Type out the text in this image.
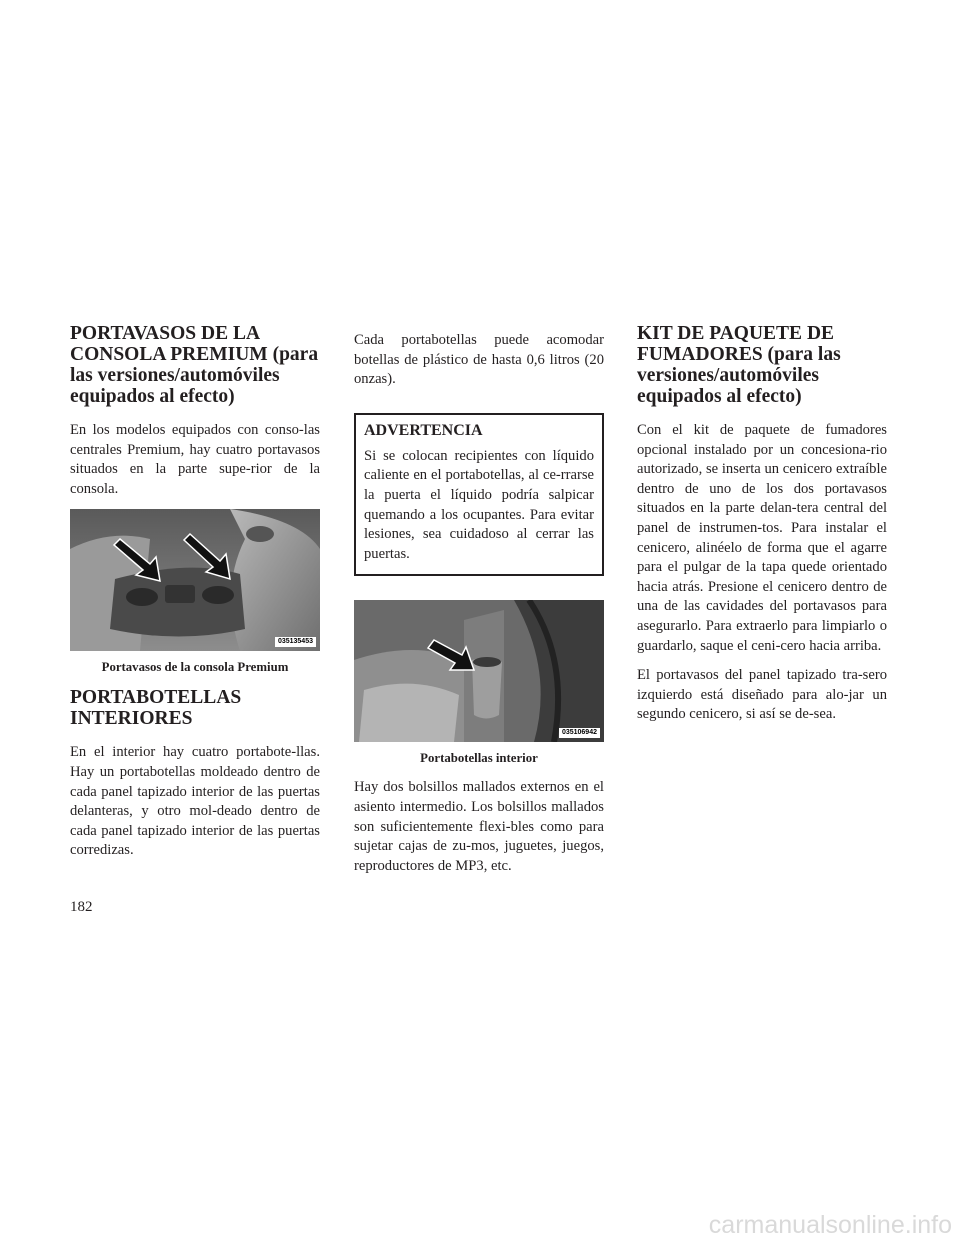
PORTAVASOS DE LA CONSOLA PREMIUM (para las versiones/automóviles equipados al efecto)

En los modelos equipados con conso-las centrales Premium, hay cuatro portavasos situados en la parte supe-rior de la consola.

035135453
Portavasos de la consola Premium
PORTABOTELLAS INTERIORES

En el interior hay cuatro portabote-llas. Hay un portabotellas moldeado dentro de cada panel tapizado interior de las puertas delanteras, y otro mol-deado dentro de cada panel tapizado interior de las puertas corredizas.

Cada portabotellas puede acomodar botellas de plástico de hasta 0,6 litros (20 onzas).

ADVERTENCIA

Si se colocan recipientes con líquido caliente en el portabotellas, al ce-rrarse la puerta el líquido podría salpicar quemando a los ocupantes. Para evitar lesiones, sea cuidadoso al cerrar las puertas.

035106942
Portabotellas interior

Hay dos bolsillos mallados externos en el asiento intermedio. Los bolsillos mallados son suficientemente flexi-bles como para sujetar cajas de zu-mos, juguetes, juegos, reproductores de MP3, etc.

KIT DE PAQUETE DE FUMADORES (para las versiones/automóviles equipados al efecto)

Con el kit de paquete de fumadores opcional instalado por un concesiona-rio autorizado, se inserta un cenicero extraíble dentro de uno de los dos portavasos situados en la parte delan-tera central del panel de instrumen-tos. Para instalar el cenicero, alinéelo de forma que el agarre para el pulgar de la tapa quede orientado hacia atrás. Presione el cenicero dentro de una de las cavidades del portavasos para asegurarlo. Para extraerlo para limpiarlo o guardarlo, saque el ceni-cero hacia arriba.

El portavasos del panel tapizado tra-sero izquierdo está diseñado para alo-jar un segundo cenicero, si así se de-sea.

182
carmanualsonline.info
